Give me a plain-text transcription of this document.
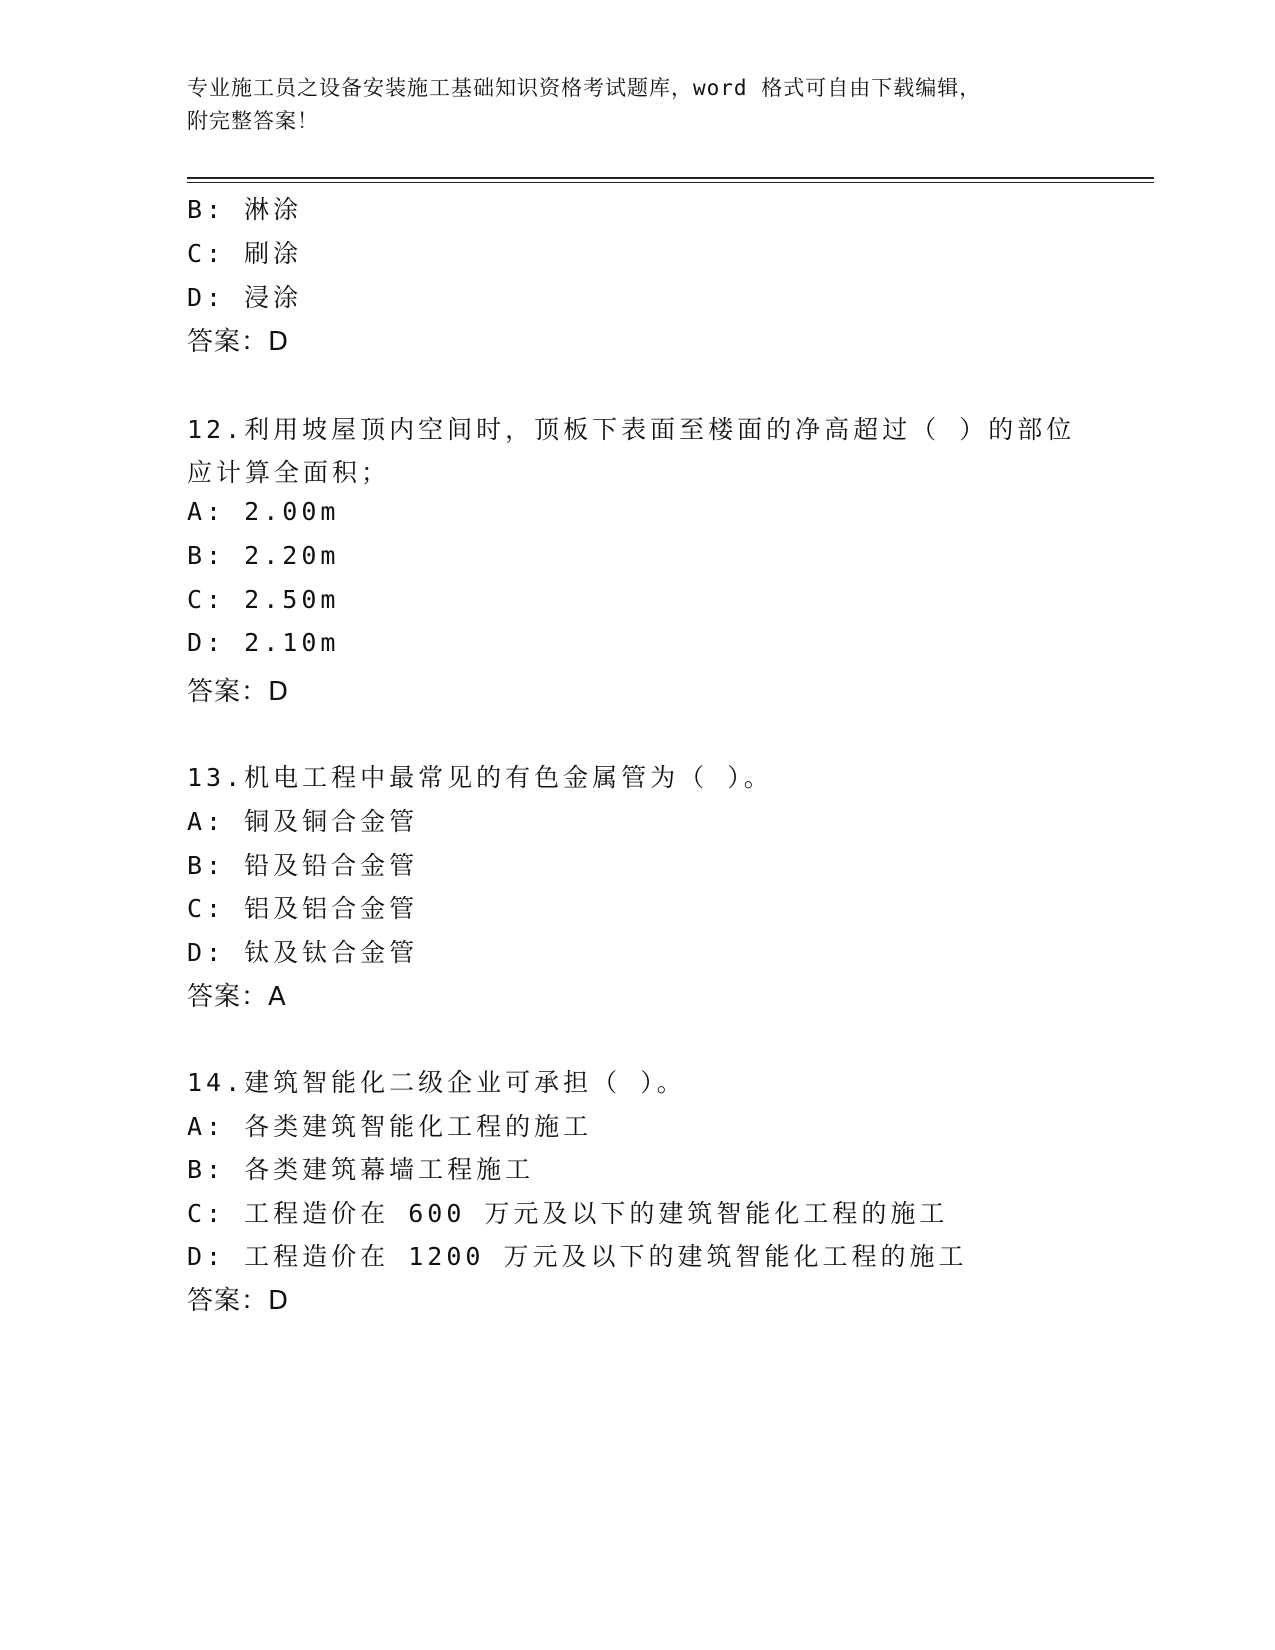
专业施工员之设备安装施工基础知识资格考试题库，word 格式可自由下载编辑，
附完整答案！
B: 淋涂
C: 刷涂
D: 浸涂
答案：D
12.利用坡屋顶内空间时，顶板下表面至楼面的净高超过（ ）的部位
应计算全面积；
A: 2.00m
B: 2.20m
C: 2.50m
D: 2.10m
答案：D
13.机电工程中最常见的有色金属管为（ ）。
A: 铜及铜合金管
B: 铅及铅合金管
C: 铝及铝合金管
D: 钛及钛合金管
答案：A
14.建筑智能化二级企业可承担（ ）。
A: 各类建筑智能化工程的施工
B: 各类建筑幕墙工程施工
C: 工程造价在 600 万元及以下的建筑智能化工程的施工
D: 工程造价在 1200 万元及以下的建筑智能化工程的施工
答案：D
